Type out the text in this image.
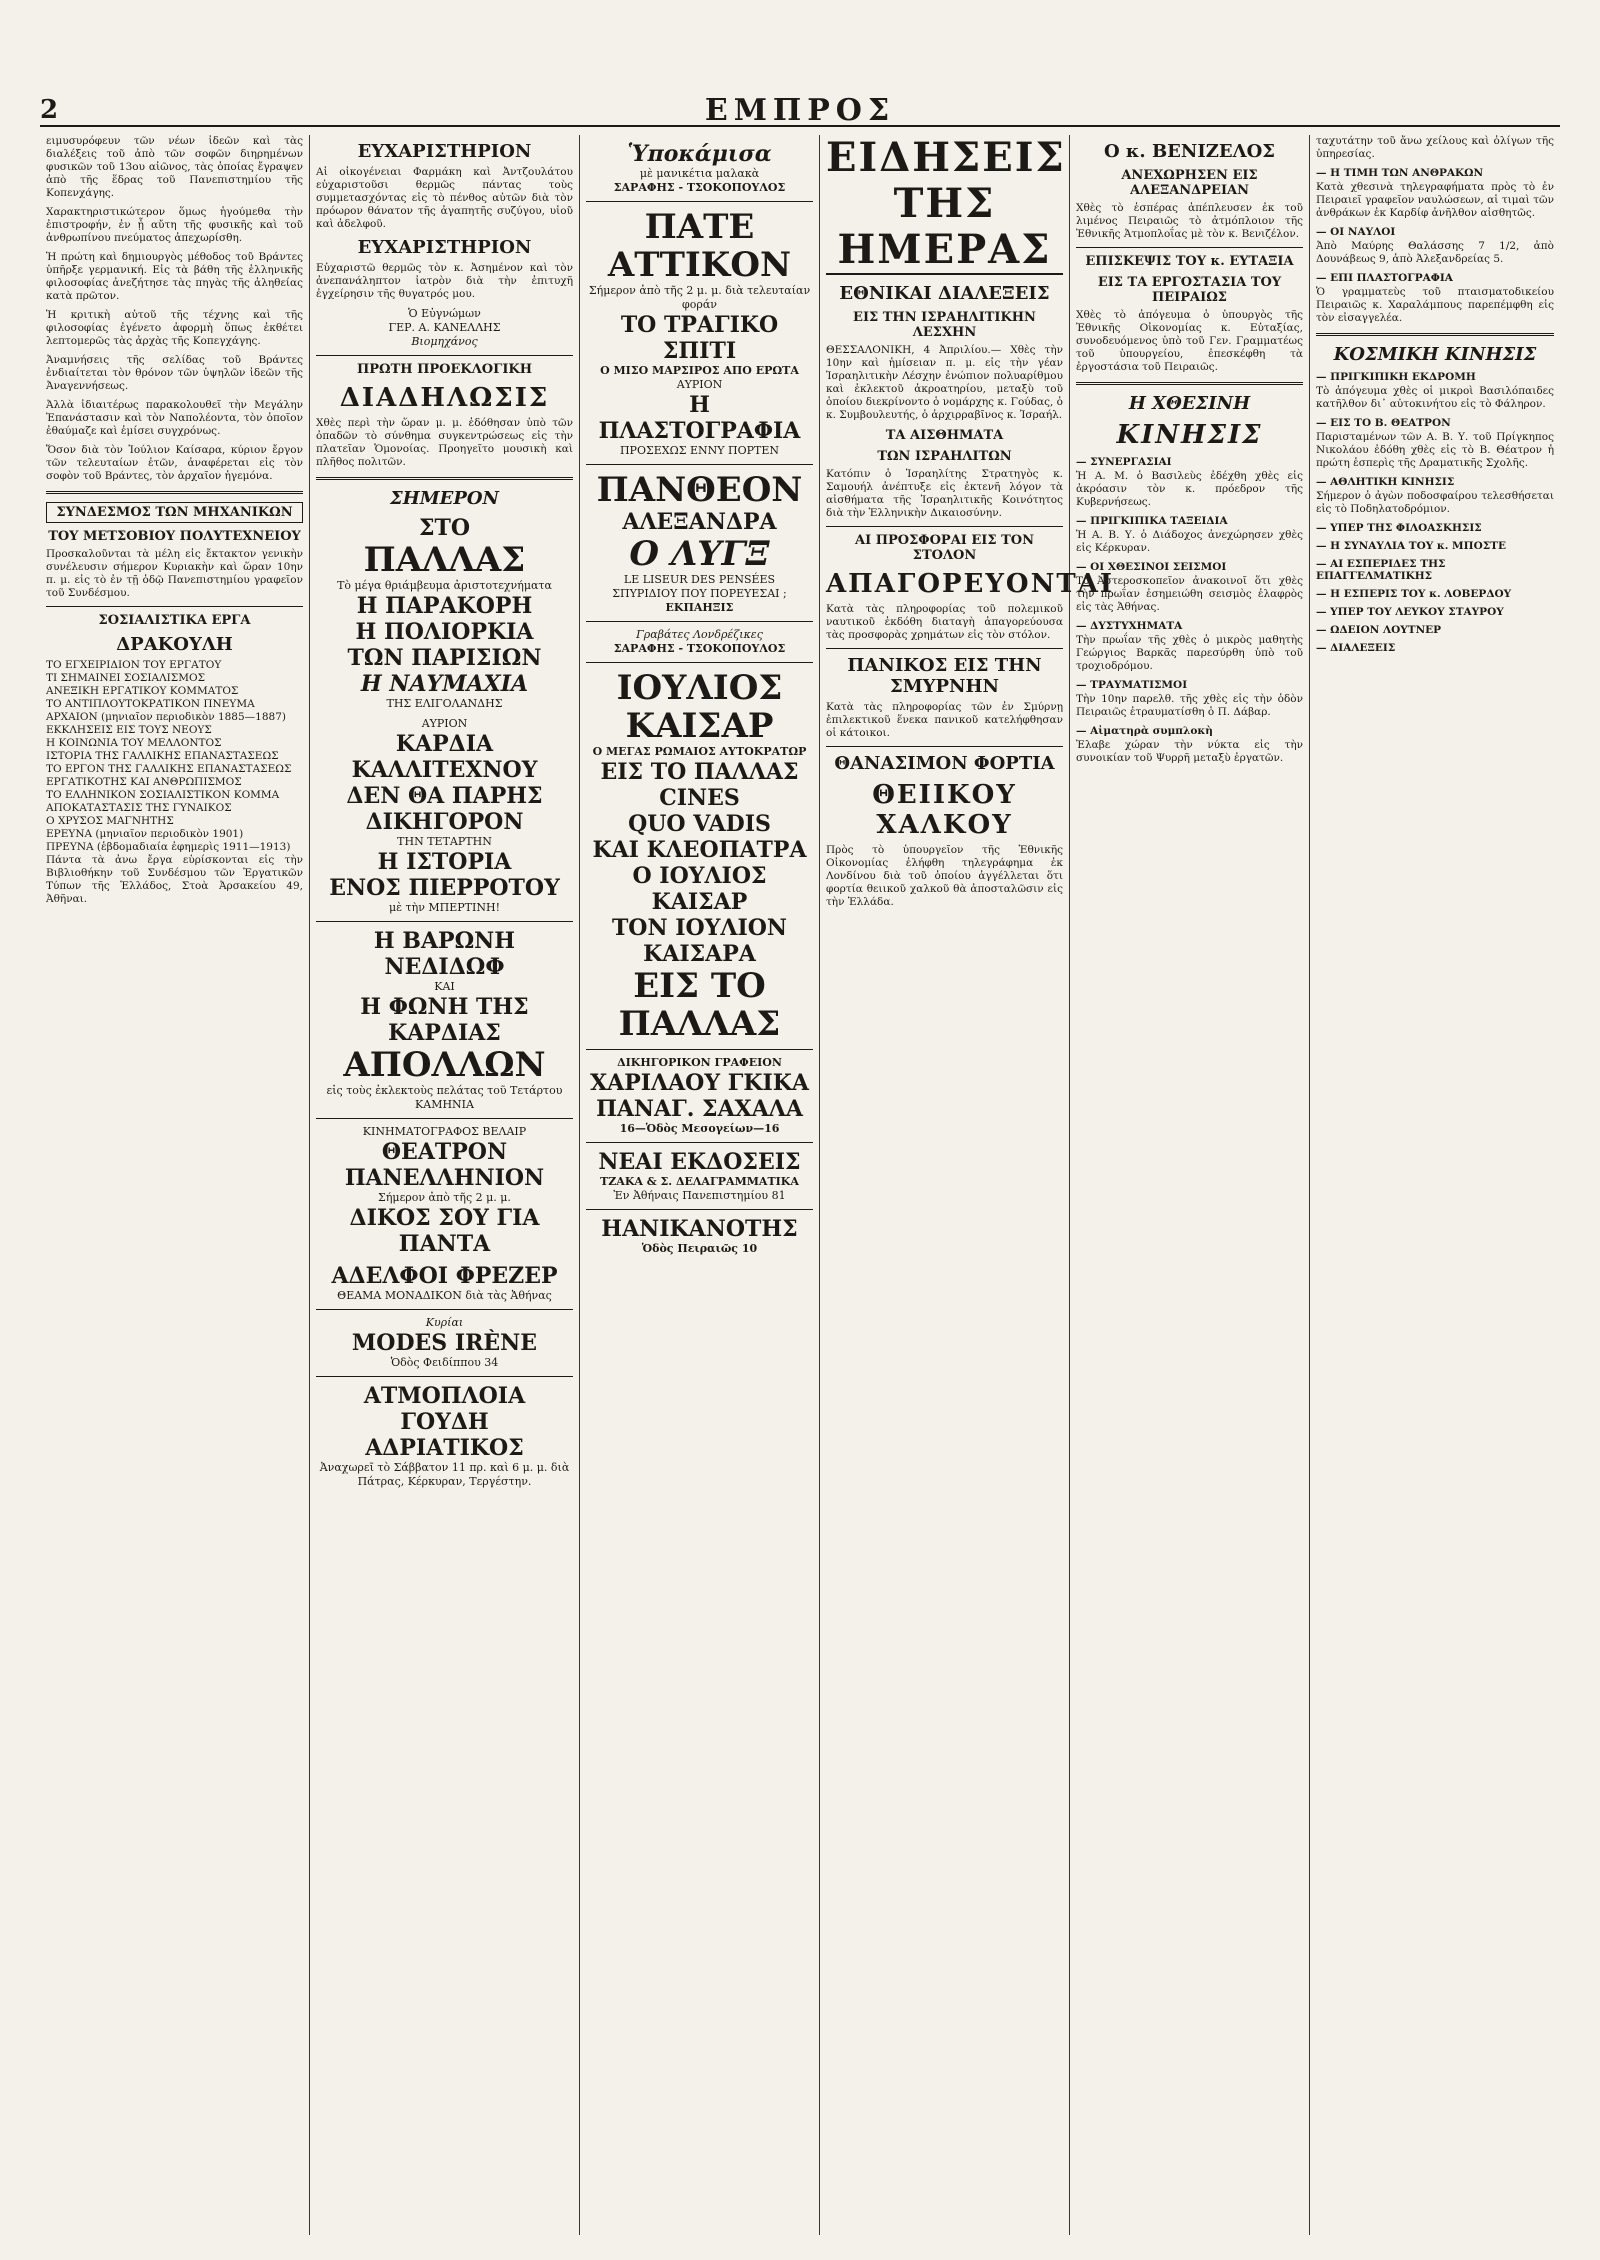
2	ΕΜΠΡΟΣ

ειμυσυρόφευν τῶν νέων ἰδεῶν καὶ τὰς διαλέξεις τοῦ ἀπὸ τῶν σοφῶν διηρημένων φυσικῶν τοῦ 13ου αἰῶνος, τὰς ὁποίας ἔγραψεν ἀπὸ τῆς ἕδρας τοῦ Πανεπιστημίου τῆς Κοπενχάγης.

Χαρακτηριστικώτερον ὅμως ἡγούμεθα τὴν ἐπιστροφήν, ἐν ᾗ αὔτη τῆς φυσικῆς καὶ τοῦ ἀνθρωπίνου πνεύματος ἀπεχωρίσθη.

Ἡ πρώτη καὶ δημιουργὸς μέθοδος τοῦ Βράντες ὑπῆρξε γερμανική. Εἰς τὰ βάθη τῆς ἑλληνικῆς φιλοσοφίας ἀνεζήτησε τὰς πηγὰς τῆς ἀληθείας κατὰ πρῶτον.

Ἡ κριτικὴ αὐτοῦ τῆς τέχνης καὶ τῆς φιλοσοφίας ἐγένετο ἀφορμὴ ὅπως ἐκθέτει λεπτομερῶς τὰς ἀρχὰς τῆς Κοπεγχάγης.

Ἀναμνήσεις τῆς σελίδας τοῦ Βράντες ἐνδιαίτεται τὸν θρόνον τῶν ὑψηλῶν ἰδεῶν τῆς Ἀναγεννήσεως.

Ἀλλὰ ἰδιαιτέρως παρακολουθεῖ τὴν Μεγάλην Ἐπανάστασιν καὶ τὸν Ναπολέοντα, τὸν ὁποῖον ἐθαύμαζε καὶ ἐμίσει συγχρόνως.

Ὅσον διὰ τὸν Ἰούλιον Καίσαρα, κύριον ἔργον τῶν τελευταίων ἐτῶν, ἀναφέρεται εἰς τὸν σοφὸν τοῦ Βράντες, τὸν ἀρχαῖον ἡγεμόνα.

ΣΥΝΔΕΣΜΟΣ ΤΩΝ ΜΗΧΑΝΙΚΩΝ
ΤΟΥ ΜΕΤΣΟΒΙΟΥ ΠΟΛΥΤΕΧΝΕΙΟΥ

Προσκαλοῦνται τὰ μέλη εἰς ἔκτακτον γενικὴν συνέλευσιν σήμερον Κυριακὴν καὶ ὥραν 10ην π. μ. εἰς τὸ ἐν τῇ ὁδῷ Πανεπιστημίου γραφεῖον τοῦ Συνδέσμου.

ΣΟΣΙΑΛΙΣΤΙΚΑ ΕΡΓΑ
ΔΡΑΚΟΥΛΗ

ΤΟ ΕΓΧΕΙΡΙΔΙΟΝ ΤΟΥ ΕΡΓΑΤΟΥ

ΤΙ ΣΗΜΑΙΝΕΙ ΣΟΣΙΑΛΙΣΜΟΣ

ΑΝΕΞΙΚΗ ΕΡΓΑΤΙΚΟΥ ΚΟΜΜΑΤΟΣ

ΤΟ ΑΝΤΙΠΛΟΥΤΟΚΡΑΤΙΚΟΝ ΠΝΕΥΜΑ

ΑΡΧΑΙΟΝ (μηνιαῖον περιοδικὸν 1885—1887)

ΕΚΚΛΗΣΕΙΣ ΕΙΣ ΤΟΥΣ ΝΕΟΥΣ

Η ΚΟΙΝΩΝΙΑ ΤΟΥ ΜΕΛΛΟΝΤΟΣ

ΙΣΤΟΡΙΑ ΤΗΣ ΓΑΛΛΙΚΗΣ ΕΠΑΝΑΣΤΑΣΕΩΣ

ΤΟ ΕΡΓΟΝ ΤΗΣ ΓΑΛΛΙΚΗΣ ΕΠΑΝΑΣΤΑΣΕΩΣ

ΕΡΓΑΤΙΚΟΤΗΣ ΚΑΙ ΑΝΘΡΩΠΙΣΜΟΣ

ΤΟ ΕΛΛΗΝΙΚΟΝ ΣΟΣΙΑΛΙΣΤΙΚΟΝ ΚΟΜΜΑ

ΑΠΟΚΑΤΑΣΤΑΣΙΣ ΤΗΣ ΓΥΝΑΙΚΟΣ

Ο ΧΡΥΣΟΣ ΜΑΓΝΗΤΗΣ

ΕΡΕΥΝΑ (μηνιαῖον περιοδικὸν 1901)

ΠΡΕΥΝΑ (ἑβδομαδιαία ἐφημερὶς 1911—1913)

Πάντα τὰ ἀνω ἔργα εὑρίσκονται εἰς τὴν Βιβλιοθήκην τοῦ Συνδέσμου τῶν Ἐργατικῶν Τύπων τῆς Ἑλλάδος, Στοὰ Ἀρσακείου 49, Ἀθῆναι.

ΕΥΧΑΡΙΣΤΗΡΙΟΝ

Αἱ οἰκογένειαι Φαρμάκη καὶ Ἀντζουλάτου εὐχαριστοῦσι θερμῶς πάντας τοὺς συμμετασχόντας εἰς τὸ πένθος αὐτῶν διὰ τὸν πρόωρον θάνατον τῆς ἀγαπητῆς συζύγου, υἱοῦ καὶ ἀδελφοῦ.

ΕΥΧΑΡΙΣΤΗΡΙΟΝ

Εὐχαριστῶ θερμῶς τὸν κ. Ἀσημένον καὶ τὸν ἀνεπανάληπτον ἰατρὸν διὰ τὴν ἐπιτυχῆ ἐγχείρησιν τῆς θυγατρός μου.

Ὁ Εὐγνώμων
ΓΕΡ. Α. ΚΑΝΕΛΛΗΣ
Βιομηχάνος
ΠΡΩΤΗ ΠΡΟΕΚΛΟΓΙΚΗ
ΔΙΑΔΗΛΩΣΙΣ

Χθὲς περὶ τὴν ὥραν μ. μ. ἐδόθησαν ὑπὸ τῶν ὀπαδῶν τὸ σύνθημα συγκεντρώσεως εἰς τὴν πλατεῖαν Ὁμονοίας. Προηγεῖτο μουσικὴ καὶ πλῆθος πολιτῶν.

ΣΗΜΕΡΟΝ
ΣΤΟ
ΠΑΛΛΑΣ
Τὸ μέγα θριάμβευμα ἀριστοτεχνήματα
Η ΠΑΡΑΚΟΡΗ
Η ΠΟΛΙΟΡΚΙΑ
ΤΩΝ ΠΑΡΙΣΙΩΝ
Η ΝΑΥΜΑΧΙΑ
ΤΗΣ ΕΛΙΓΟΛΑΝΔΗΣ
ΑΥΡΙΟΝ
ΚΑΡΔΙΑ ΚΑΛΛΙΤΕΧΝΟΥ
ΔΕΝ ΘΑ ΠΑΡΗΣ ΔΙΚΗΓΟΡΟΝ
ΤΗΝ ΤΕΤΑΡΤΗΝ
Η ΙΣΤΟΡΙΑ
ΕΝΟΣ ΠΙΕΡΡΟΤΟΥ
μὲ τὴν ΜΠΕΡΤΙΝΗ!
Η ΒΑΡΩΝΗ ΝΕΔΙΔΩΦ
ΚΑΙ
Η ΦΩΝΗ ΤΗΣ ΚΑΡΔΙΑΣ
ΑΠΟΛΛΩΝ
εἰς τοὺς ἐκλεκτοὺς πελάτας τοῦ Τετάρτου ΚΑΜΗΝΙΑ
ΚΙΝΗΜΑΤΟΓΡΑΦΟΣ ΒΕΛΑΙΡ
ΘΕΑΤΡΟΝ ΠΑΝΕΛΛΗΝΙΟΝ
Σήμερον ἀπὸ τῆς 2 μ. μ.
ΔΙΚΟΣ ΣΟΥ ΓΙΑ ΠΑΝΤΑ
ΑΔΕΛΦΟΙ ΦΡΕΖΕΡ
ΘΕΑΜΑ ΜΟΝΑΔΙΚΟΝ διὰ τὰς Ἀθήνας
Κυρίαι
MODES IRÈNE
Ὁδὸς Φειδίππου 34
ΑΤΜΟΠΛΟΙΑ ΓΟΥΔΗ
ΑΔΡΙΑΤΙΚΟΣ
Ἀναχωρεῖ τὸ Σάββατον 11 πρ. καὶ 6 μ. μ. διὰ Πάτρας, Κέρκυραν, Τεργέστην.
Ὑποκάμισα
μὲ μανικέτια μαλακὰ
ΣΑΡΑΦΗΣ - ΤΣΟΚΟΠΟΥΛΟΣ
ΠΑΤΕ ΑΤΤΙΚΟΝ
Σήμερον ἀπὸ τῆς 2 μ. μ. διὰ τελευταίαν φοράν
ΤΟ ΤΡΑΓΙΚΟ ΣΠΙΤΙ
Ο ΜΙΣΟ ΜΑΡΣΙΡΟΣ ΑΠΟ ΕΡΩΤΑ
ΑΥΡΙΟΝ
Η ΠΛΑΣΤΟΓΡΑΦΙΑ
ΠΡΟΣΕΧΩΣ ΕΝΝΥ ΠΟΡΤΕΝ
ΠΑΝΘΕΟΝ
ΑΛΕΞΑΝΔΡΑ
Ο ΛΥΓΞ
LE LISEUR DES PENSÉES
ΣΠΥΡΙΔΙΟΥ ΠΟΥ ΠΟΡΕΥΕΣΑΙ ;
ΕΚΠΑΗΞΙΣ
Γραβάτες Λονδρέζικες
ΣΑΡΑΦΗΣ - ΤΣΟΚΟΠΟΥΛΟΣ
ΙΟΥΛΙΟΣ ΚΑΙΣΑΡ
Ο ΜΕΓΑΣ ΡΩΜΑΙΟΣ ΑΥΤΟΚΡΑΤΩΡ
ΕΙΣ ΤΟ ΠΑΛΛΑΣ
CINES
QUO VADIS
ΚΑΙ ΚΛΕΟΠΑΤΡΑ
Ο ΙΟΥΛΙΟΣ ΚΑΙΣΑΡ
ΤΟΝ ΙΟΥΛΙΟΝ ΚΑΙΣΑΡΑ
ΕΙΣ ΤΟ ΠΑΛΛΑΣ
ΔΙΚΗΓΟΡΙΚΟΝ ΓΡΑΦΕΙΟΝ
ΧΑΡΙΛΑΟΥ ΓΚΙΚΑ
ΠΑΝΑΓ. ΣΑΧΑΛΑ
16—Ὁδὸς Μεσογείων—16
ΝΕΑΙ ΕΚΔΟΣΕΙΣ
ΤΖΑΚΑ & Σ. ΔΕΛΑΓΡΑΜΜΑΤΙΚΑ
Ἐν Ἀθήναις Πανεπιστημίου 81
ΗΑΝΙΚΑΝΟΤΗΣ
Ὁδὸς Πειραιῶς 10
ΕΙΔΗΣΕΙΣ ΤΗΣ ΗΜΕΡΑΣ
ΕΘΝΙΚΑΙ ΔΙΑΛΕΞΕΙΣ
ΕΙΣ ΤΗΝ ΙΣΡΑΗΛΙΤΙΚΗΝ ΛΕΣΧΗΝ

ΘΕΣΣΑΛΟΝΙΚΗ, 4 Ἀπριλίου.— Χθὲς τὴν 10ην καὶ ἡμίσειαν π. μ. εἰς τὴν γέαν Ἰσραηλιτικὴν Λέσχην ἐνώπιον πολυαρίθμου καὶ ἐκλεκτοῦ ἀκροατηρίου, μεταξὺ τοῦ ὁποίου διεκρίνοντο ὁ νομάρχης κ. Γούδας, ὁ κ. Συμβουλευτής, ὁ ἀρχιρραβῖνος κ. Ἰσραήλ.

ΤΑ ΑΙΣΘΗΜΑΤΑ
ΤΩΝ ΙΣΡΑΗΛΙΤΩΝ

Κατόπιν ὁ Ἰσραηλίτης Στρατηγὸς κ. Σαμουήλ ἀνέπτυξε εἰς ἐκτενῆ λόγον τὰ αἰσθήματα τῆς Ἰσραηλιτικῆς Κοινότητος διὰ τὴν Ἑλληνικὴν Δικαιοσύνην.

ΑΙ ΠΡΟΣΦΟΡΑΙ ΕΙΣ ΤΟΝ ΣΤΟΛΟΝ
ΑΠΑΓΟΡΕΥΟΝΤΑΙ

Κατὰ τὰς πληροφορίας τοῦ πολεμικοῦ ναυτικοῦ ἐκδόθη διαταγὴ ἀπαγορεύουσα τὰς προσφορὰς χρημάτων εἰς τὸν στόλον.

ΠΑΝΙΚΟΣ ΕΙΣ ΤΗΝ ΣΜΥΡΝΗΝ

Κατὰ τὰς πληροφορίας τῶν ἐν Σμύρνῃ ἐπιλεκτικοῦ ἕνεκα πανικοῦ κατελήφθησαν οἱ κάτοικοι.

ΘΑΝΑΣΙΜΟΝ ΦΟΡΤΙΑ
ΘΕΙΙΚΟΥ ΧΑΛΚΟΥ

Πρὸς τὸ ὑπουργεῖον τῆς Ἐθνικῆς Οἰκονομίας ἐλήφθη τηλεγράφημα ἐκ Λονδίνου διὰ τοῦ ὁποίου ἀγγέλλεται ὅτι φορτία θειικοῦ χαλκοῦ θὰ ἀποσταλῶσιν εἰς τὴν Ἑλλάδα.

Ο κ. ΒΕΝΙΖΕΛΟΣ
ΑΝΕΧΩΡΗΣΕΝ ΕΙΣ ΑΛΕΞΑΝΔΡΕΙΑΝ

Χθὲς τὸ ἑσπέρας ἀπέπλευσεν ἐκ τοῦ λιμένος Πειραιῶς τὸ ἀτμόπλοιον τῆς Ἐθνικῆς Ἀτμοπλοΐας μὲ τὸν κ. Βενιζέλον.

ΕΠΙΣΚΕΨΙΣ ΤΟΥ κ. ΕΥΤΑΞΙΑ
ΕΙΣ ΤΑ ΕΡΓΟΣΤΑΣΙΑ ΤΟΥ ΠΕΙΡΑΙΩΣ

Χθὲς τὸ ἀπόγευμα ὁ ὑπουργὸς τῆς Ἐθνικῆς Οἰκονομίας κ. Εὐταξίας, συνοδευόμενος ὑπὸ τοῦ Γεν. Γραμματέως τοῦ ὑπουργείου, ἐπεσκέφθη τὰ ἐργοστάσια τοῦ Πειραιῶς.

Η ΧΘΕΣΙΝΗ
ΚΙΝΗΣΙΣ
— ΣΥΝΕΡΓΑΣΙΑΙ

Ἡ Α. Μ. ὁ Βασιλεὺς ἐδέχθη χθὲς εἰς ἀκρόασιν τὸν κ. πρόεδρον τῆς Κυβερνήσεως.

— ΠΡΙΓΚΙΠΙΚΑ ΤΑΞΕΙΔΙΑ

Ἡ Α. Β. Υ. ὁ Διάδοχος ἀνεχώρησεν χθὲς εἰς Κέρκυραν.

— ΟΙ ΧΘΕΣΙΝΟΙ ΣΕΙΣΜΟΙ

Τὸ Ἀστεροσκοπεῖον ἀνακοινοῖ ὅτι χθὲς τὴν πρωΐαν ἐσημειώθη σεισμὸς ἐλαφρὸς εἰς τὰς Ἀθήνας.

— ΔΥΣΤΥΧΗΜΑΤΑ

Τὴν πρωΐαν τῆς χθὲς ὁ μικρὸς μαθητὴς Γεώργιος Βαρκᾶς παρεσύρθη ὑπὸ τοῦ τροχιοδρόμου.

— ΤΡΑΥΜΑΤΙΣΜΟΙ

Τὴν 10ην παρελθ. τῆς χθὲς εἰς τὴν ὁδὸν Πειραιῶς ἐτραυματίσθη ὁ Π. Δάβαρ.

— Αἰματηρὰ συμπλοκὴ

Ἐλαβε χώραν τὴν νύκτα εἰς τὴν συνοικίαν τοῦ Ψυρρῆ μεταξὺ ἐργατῶν.

ταχυτάτην τοῦ ἄνω χείλους καὶ ὀλίγων τῆς ὑπηρεσίας.

— Η ΤΙΜΗ ΤΩΝ ΑΝΘΡΑΚΩΝ

Κατὰ χθεσινὰ τηλεγραφήματα πρὸς τὸ ἐν Πειραιεῖ γραφεῖον ναυλώσεων, αἱ τιμαὶ τῶν ἀνθράκων ἐκ Καρδίφ ἀνῆλθον αἰσθητῶς.

— ΟΙ ΝΑΥΛΟΙ

Ἀπὸ Μαύρης Θαλάσσης 7 1/2, ἀπὸ Δουνάβεως 9, ἀπὸ Ἀλεξανδρείας 5.

— ΕΠΙ ΠΛΑΣΤΟΓΡΑΦΙΑ

Ὁ γραμματεὺς τοῦ πταισματοδικείου Πειραιῶς κ. Χαραλάμπους παρεπέμφθη εἰς τὸν εἰσαγγελέα.

ΚΟΣΜΙΚΗ ΚΙΝΗΣΙΣ
— ΠΡΙΓΚΙΠΙΚΗ ΕΚΔΡΟΜΗ

Τὸ ἀπόγευμα χθὲς οἱ μικροὶ Βασιλόπαιδες κατῆλθον δι᾽ αὐτοκινήτου εἰς τὸ Φάληρον.

— ΕΙΣ ΤΟ Β. ΘΕΑΤΡΟΝ

Παρισταμένων τῶν Α. Β. Υ. τοῦ Πρίγκηπος Νικολάου ἐδόθη χθὲς εἰς τὸ Β. Θέατρον ἡ πρώτη ἑσπερὶς τῆς Δραματικῆς Σχολῆς.

— ΑΘΛΗΤΙΚΗ ΚΙΝΗΣΙΣ

Σήμερον ὁ ἀγὼν ποδοσφαίρου τελεσθήσεται εἰς τὸ Ποδηλατοδρόμιον.

— ΥΠΕΡ ΤΗΣ ΦΙΛΟΑΣΚΗΣΙΣ
— Η ΣΥΝΑΥΛΙΑ ΤΟΥ κ. ΜΠΟΣΤΕ
— ΑΙ ΕΣΠΕΡΙΔΕΣ ΤΗΣ ΕΠΑΓΓΕΛΜΑΤΙΚΗΣ
— Η ΕΣΠΕΡΙΣ ΤΟΥ κ. ΛΟΒΕΡΔΟΥ
— ΥΠΕΡ ΤΟΥ ΛΕΥΚΟΥ ΣΤΑΥΡΟΥ
— ΩΔΕΙΟΝ ΛΟΥΤΝΕΡ
— ΔΙΑΛΕΞΕΙΣ
